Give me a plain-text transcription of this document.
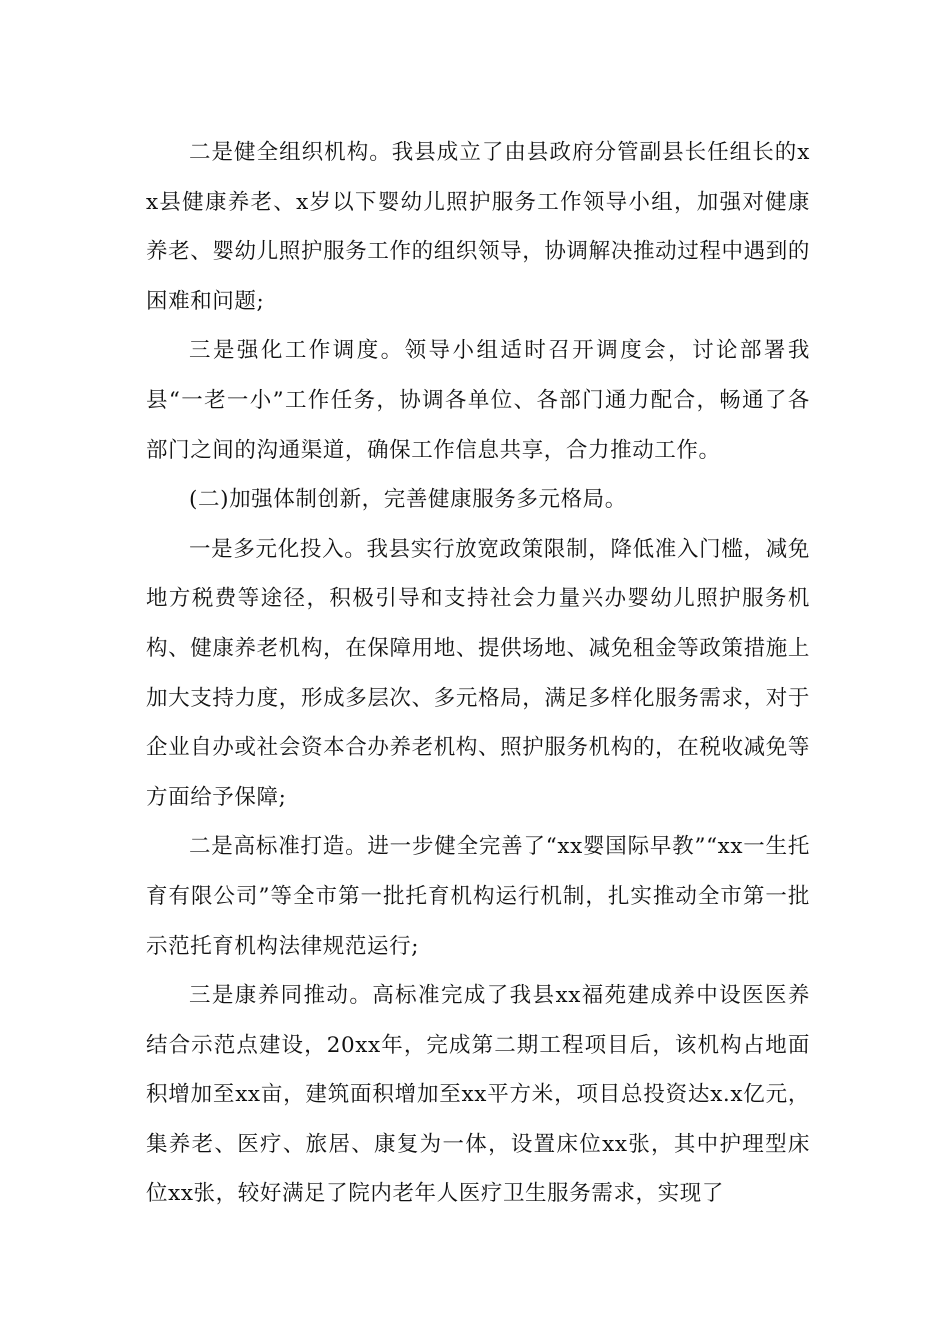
二是健全组织机构。我县成立了由县政府分管副县长任组长的xx县健康养老、x岁以下婴幼儿照护服务工作领导小组，加强对健康养老、婴幼儿照护服务工作的组织领导，协调解决推动过程中遇到的困难和问题;

三是强化工作调度。领导小组适时召开调度会，讨论部署我县“一老一小”工作任务，协调各单位、各部门通力配合，畅通了各部门之间的沟通渠道，确保工作信息共享，合力推动工作。

(二)加强体制创新，完善健康服务多元格局。

一是多元化投入。我县实行放宽政策限制，降低准入门槛，减免地方税费等途径，积极引导和支持社会力量兴办婴幼儿照护服务机构、健康养老机构，在保障用地、提供场地、减免租金等政策措施上加大支持力度，形成多层次、多元格局，满足多样化服务需求，对于企业自办或社会资本合办养老机构、照护服务机构的，在税收减免等方面给予保障;

二是高标准打造。进一步健全完善了“xx婴国际早教”“xx一生托育有限公司”等全市第一批托育机构运行机制，扎实推动全市第一批示范托育机构法律规范运行;

三是康养同推动。高标准完成了我县xx福苑建成养中设医医养结合示范点建设，20xx年，完成第二期工程项目后，该机构占地面积增加至xx亩，建筑面积增加至xx平方米，项目总投资达x.x亿元，集养老、医疗、旅居、康复为一体，设置床位xx张，其中护理型床位xx张，较好满足了院内老年人医疗卫生服务需求，实现了
